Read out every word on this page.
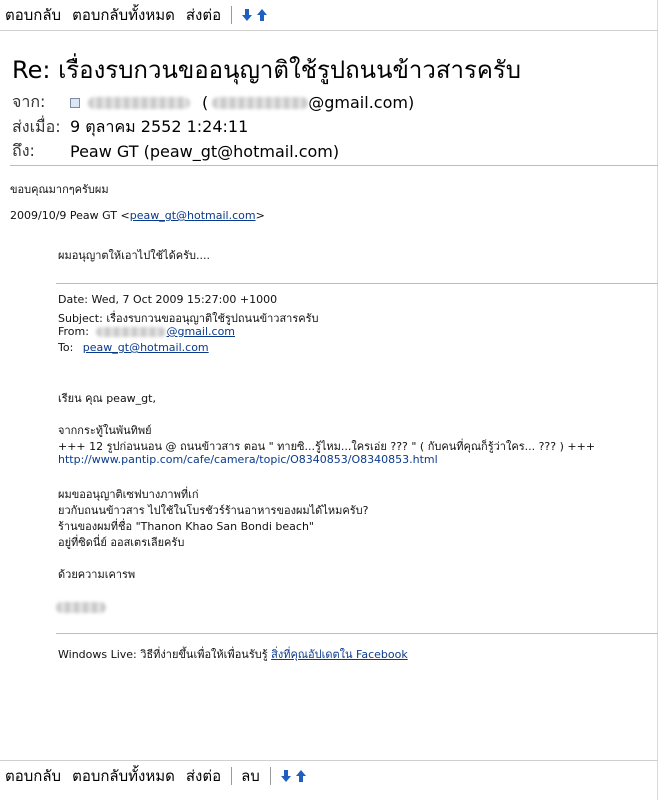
ตอบกลับ ตอบกลับทั้งหมด ส่งต่อ
Re: เรื่องรบกวนขออนุญาติใช้รูปถนนข้าวสารครับ
จาก:	(	@gmail.com)
ส่งเมื่อ: 9 ตุลาคม 2552 1:24:11
ถึง:	Peaw GT (peaw_gt@hotmail.com)
ขอบคุณมากๆครับผม
2009/10/9 Peaw GT <peaw_gt@hotmail.com>
ผมอนุญาตให้เอาไปใช้ได้ครับ....
Date: Wed, 7 Oct 2009 15:27:00 +1000
Subject: เรื่องรบกวนขออนุญาติใช้รูปถนนข้าวสารครับ
From:	@gmail.com
To: peaw_gt@hotmail.com
เรียน คุณ peaw_gt,
จากกระทู้ในพันทิพย์
+++ 12 รูปก่อนนอน @ ถนนข้าวสาร ตอน " ทายซิ...รู้ไหม...ใครเอ่ย ??? " ( กับคนที่คุณก็รู้ว่าใคร... ??? ) +++
http://www.pantip.com/cafe/camera/topic/O8340853/O8340853.html
ผมขออนุญาติเซฟบางภาพที่เก่
ยวกับถนนข้าวสาร ไปใช้ในโบรชัวร์ร้านอาหารของผมได้ไหมครับ?
ร้านของผมที่ชื่อ "Thanon Khao San Bondi beach"
อยู่ที่ซิดนี่ย์ ออสเตรเลียครับ
ด้วยความเคารพ
Windows Live: วิธีที่ง่ายขึ้นเพื่อให้เพื่อนรับรู้ สิ่งที่คุณอัปเดตใน Facebook
ตอบกลับ ตอบกลับทั้งหมด ส่งต่อ	ลบ
